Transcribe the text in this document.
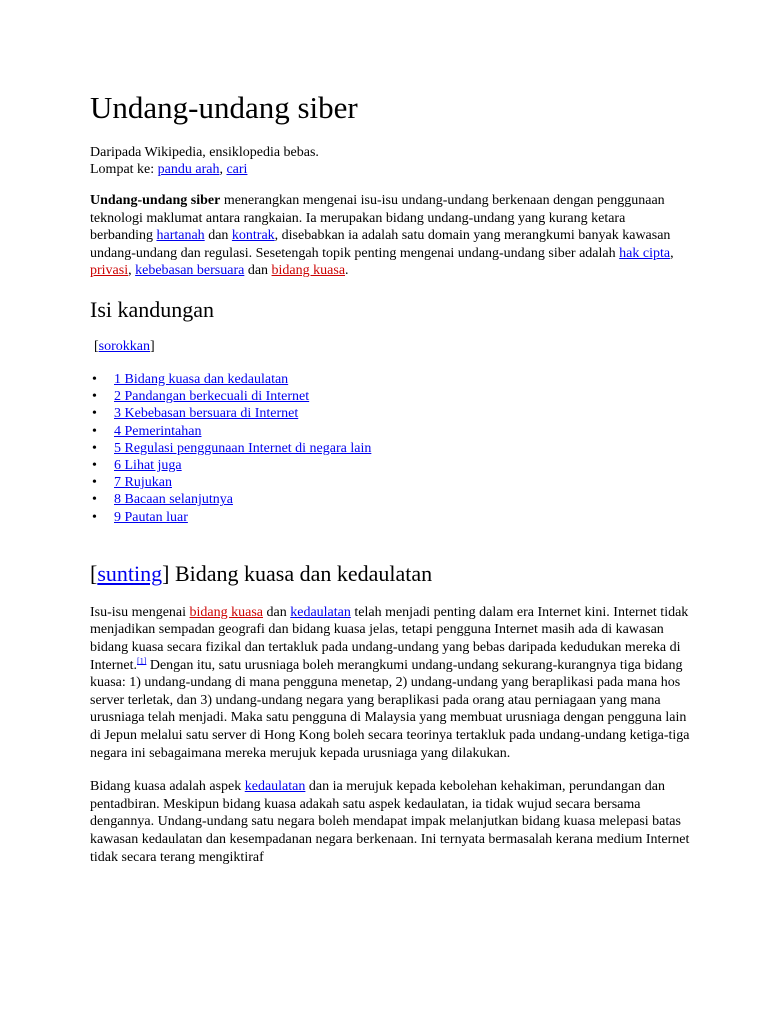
Undang-undang siber
Daripada Wikipedia, ensiklopedia bebas.
Lompat ke: pandu arah, cari

Undang-undang siber menerangkan mengenai isu-isu undang-undang berkenaan dengan penggunaan teknologi maklumat antara rangkaian. Ia merupakan bidang undang-undang yang kurang ketara berbanding hartanah dan kontrak, disebabkan ia adalah satu domain yang merangkumi banyak kawasan undang-undang dan regulasi. Sesetengah topik penting mengenai undang-undang siber adalah hak cipta, privasi, kebebasan bersuara dan bidang kuasa.

Isi kandungan
[sorokkan]
• 1 Bidang kuasa dan kedaulatan
• 2 Pandangan berkecuali di Internet
• 3 Kebebasan bersuara di Internet
• 4 Pemerintahan
• 5 Regulasi penggunaan Internet di negara lain
• 6 Lihat juga
• 7 Rujukan
• 8 Bacaan selanjutnya
• 9 Pautan luar
[sunting] Bidang kuasa dan kedaulatan

Isu-isu mengenai bidang kuasa dan kedaulatan telah menjadi penting dalam era Internet kini. Internet tidak menjadikan sempadan geografi dan bidang kuasa jelas, tetapi pengguna Internet masih ada di kawasan bidang kuasa secara fizikal dan tertakluk pada undang-undang yang bebas daripada kedudukan mereka di Internet.[1] Dengan itu, satu urusniaga boleh merangkumi undang-undang sekurang-kurangnya tiga bidang kuasa: 1) undang-undang di mana pengguna menetap, 2) undang-undang yang beraplikasi pada mana hos server terletak, dan 3) undang-undang negara yang beraplikasi pada orang atau perniagaan yang mana urusniaga telah menjadi. Maka satu pengguna di Malaysia yang membuat urusniaga dengan pengguna lain di Jepun melalui satu server di Hong Kong boleh secara teorinya tertakluk pada undang-undang ketiga-tiga negara ini sebagaimana mereka merujuk kepada urusniaga yang dilakukan.

Bidang kuasa adalah aspek kedaulatan dan ia merujuk kepada kebolehan kehakiman, perundangan dan pentadbiran. Meskipun bidang kuasa adakah satu aspek kedaulatan, ia tidak wujud secara bersama dengannya. Undang-undang satu negara boleh mendapat impak melanjutkan bidang kuasa melepasi batas kawasan kedaulatan dan kesempadanan negara berkenaan. Ini ternyata bermasalah kerana medium Internet tidak secara terang mengiktiraf
